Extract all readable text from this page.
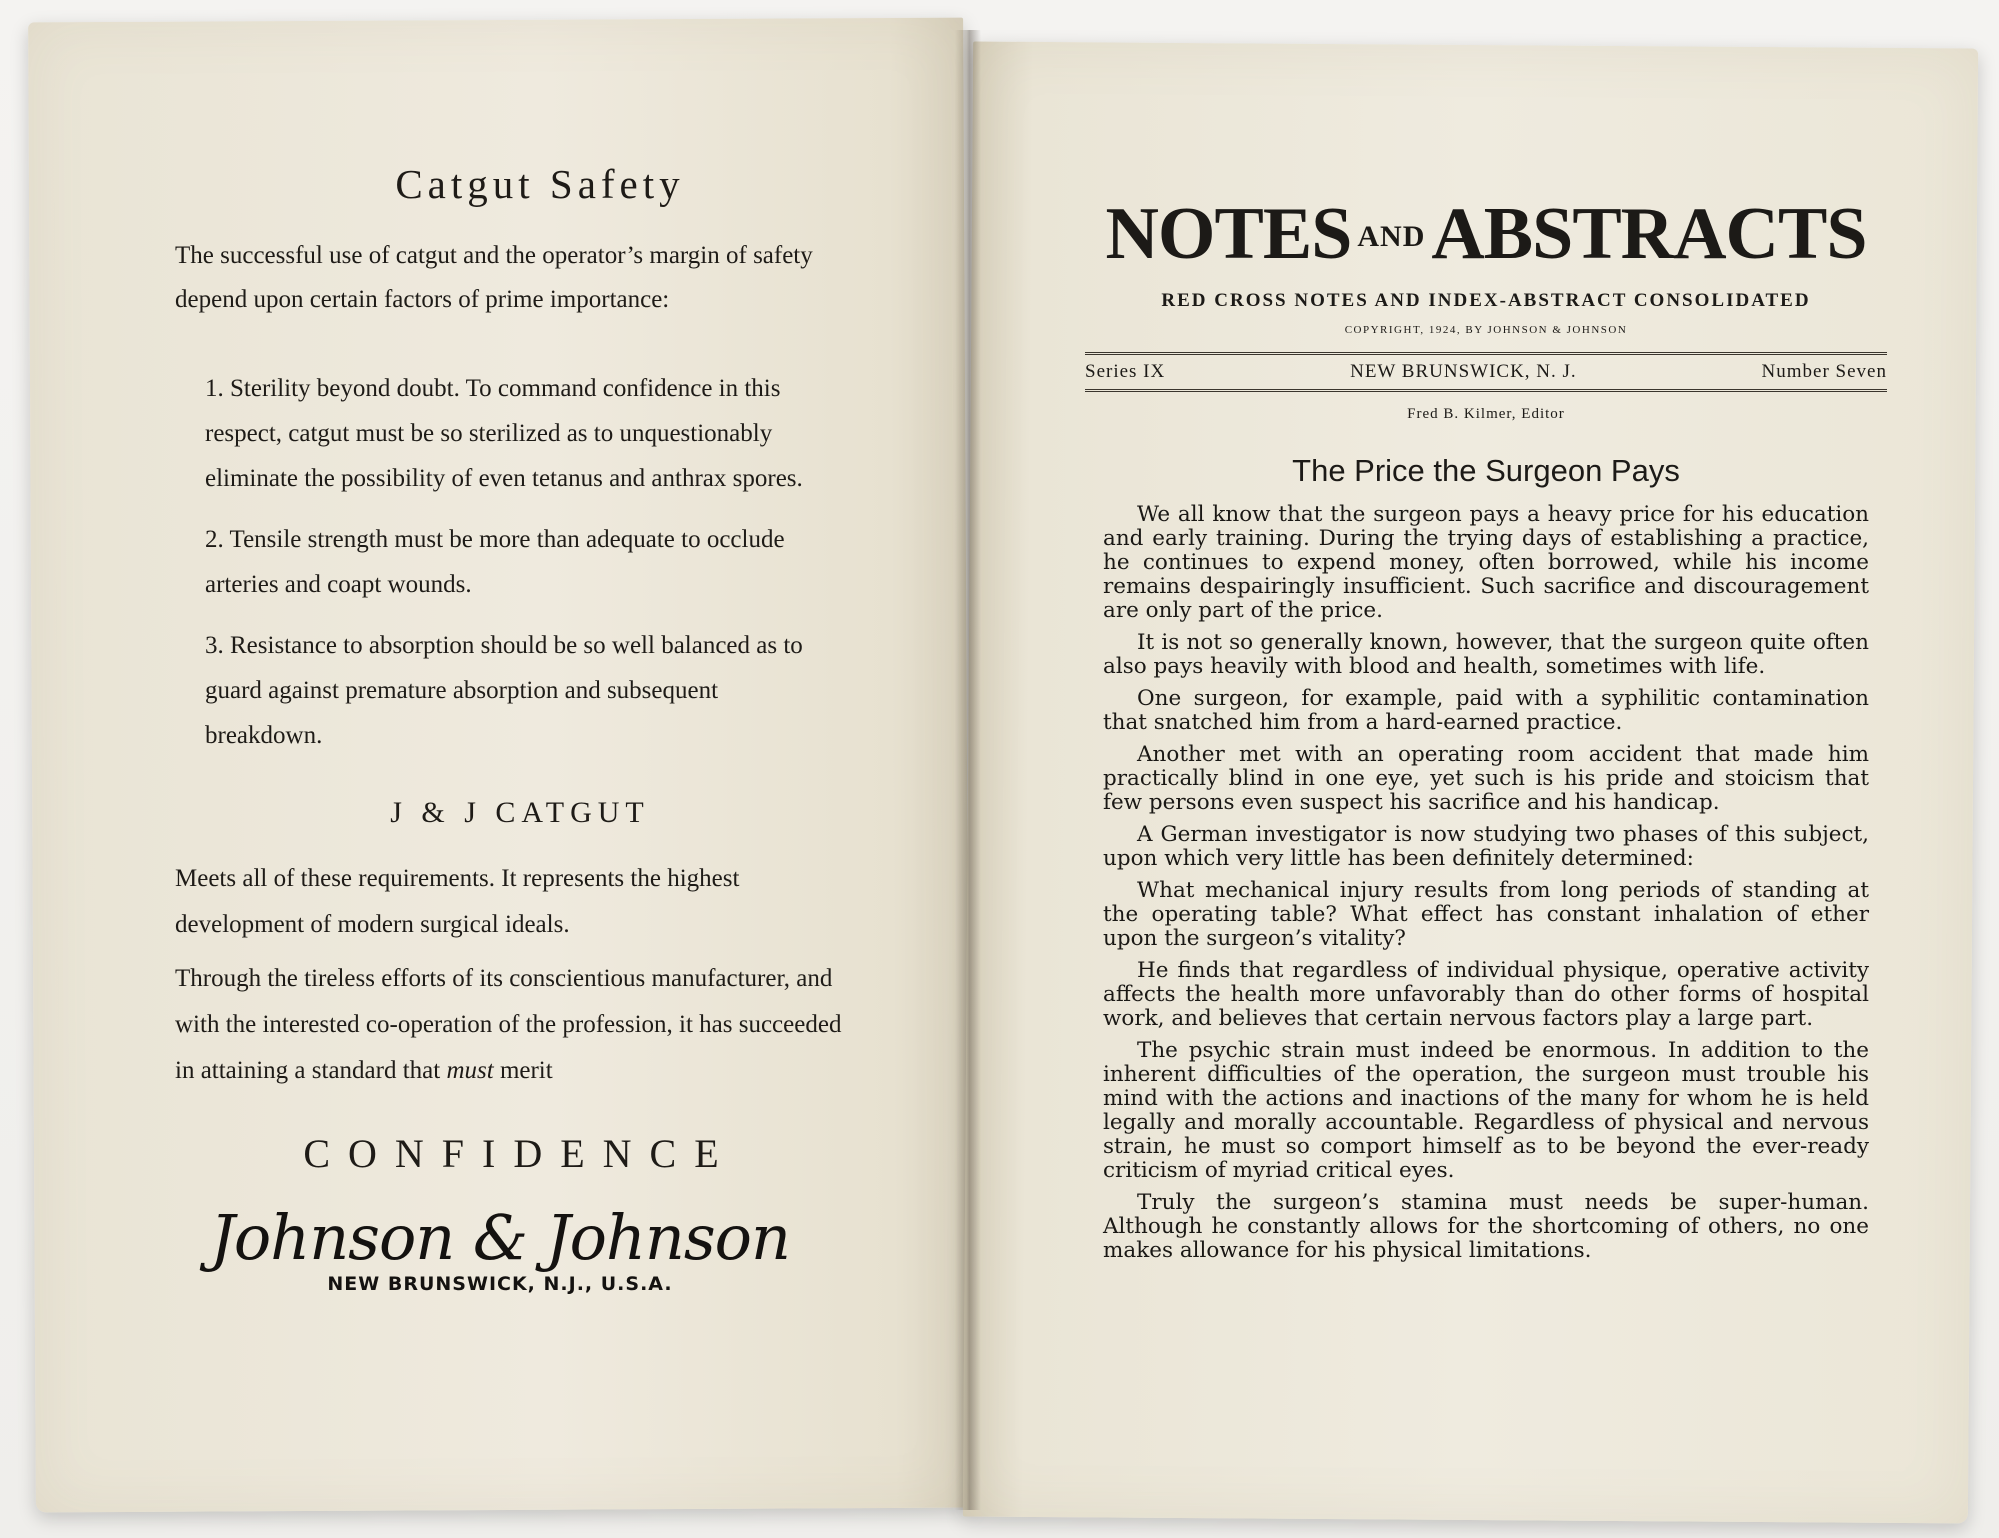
Catgut Safety

The successful use of catgut and the operator’s margin of safety depend upon certain factors of prime importance:

1. Sterility beyond doubt. To command confidence in this respect, catgut must be so sterilized as to unquestionably eliminate the possibility of even tetanus and anthrax spores.
2. Tensile strength must be more than adequate to occlude arteries and coapt wounds.
3. Resistance to absorption should be so well balanced as to guard against premature absorption and subsequent breakdown.
J & J CATGUT

Meets all of these requirements. It represents the highest development of modern surgical ideals.

Through the tireless efforts of its conscientious manufacturer, and with the interested co-operation of the profession, it has succeeded in attaining a standard that must merit

CONFIDENCE
Johnson & Johnson
NEW BRUNSWICK, N.J., U.S.A.
NOTES ANDABSTRACTS
RED CROSS NOTES AND INDEX-ABSTRACT CONSOLIDATED
COPYRIGHT, 1924, BY JOHNSON & JOHNSON
Series IX	NEW BRUNSWICK, N. J.	Number Seven
Fred B. Kilmer, Editor
The Price the Surgeon Pays

We all know that the surgeon pays a heavy price for his education and early training. During the trying days of establishing a practice, he continues to expend money, often borrowed, while his income remains despairingly insufficient. Such sacrifice and discouragement are only part of the price.

It is not so generally known, however, that the surgeon quite often also pays heavily with blood and health, sometimes with life.

One surgeon, for example, paid with a syphilitic contamination that snatched him from a hard-earned practice.

Another met with an operating room accident that made him practically blind in one eye, yet such is his pride and stoicism that few persons even suspect his sacrifice and his handicap.

A German investigator is now studying two phases of this subject, upon which very little has been definitely determined:

What mechanical injury results from long periods of standing at the operating table? What effect has constant inhalation of ether upon the surgeon’s vitality?

He finds that regardless of individual physique, operative activity affects the health more unfavorably than do other forms of hospital work, and believes that certain nervous factors play a large part.

The psychic strain must indeed be enormous. In addition to the inherent difficulties of the operation, the surgeon must trouble his mind with the actions and inactions of the many for whom he is held legally and morally accountable. Regardless of physical and nervous strain, he must so comport himself as to be beyond the ever-ready criticism of myriad critical eyes.

Truly the surgeon’s stamina must needs be super-human. Although he constantly allows for the shortcoming of others, no one makes allowance for his physical limitations.
